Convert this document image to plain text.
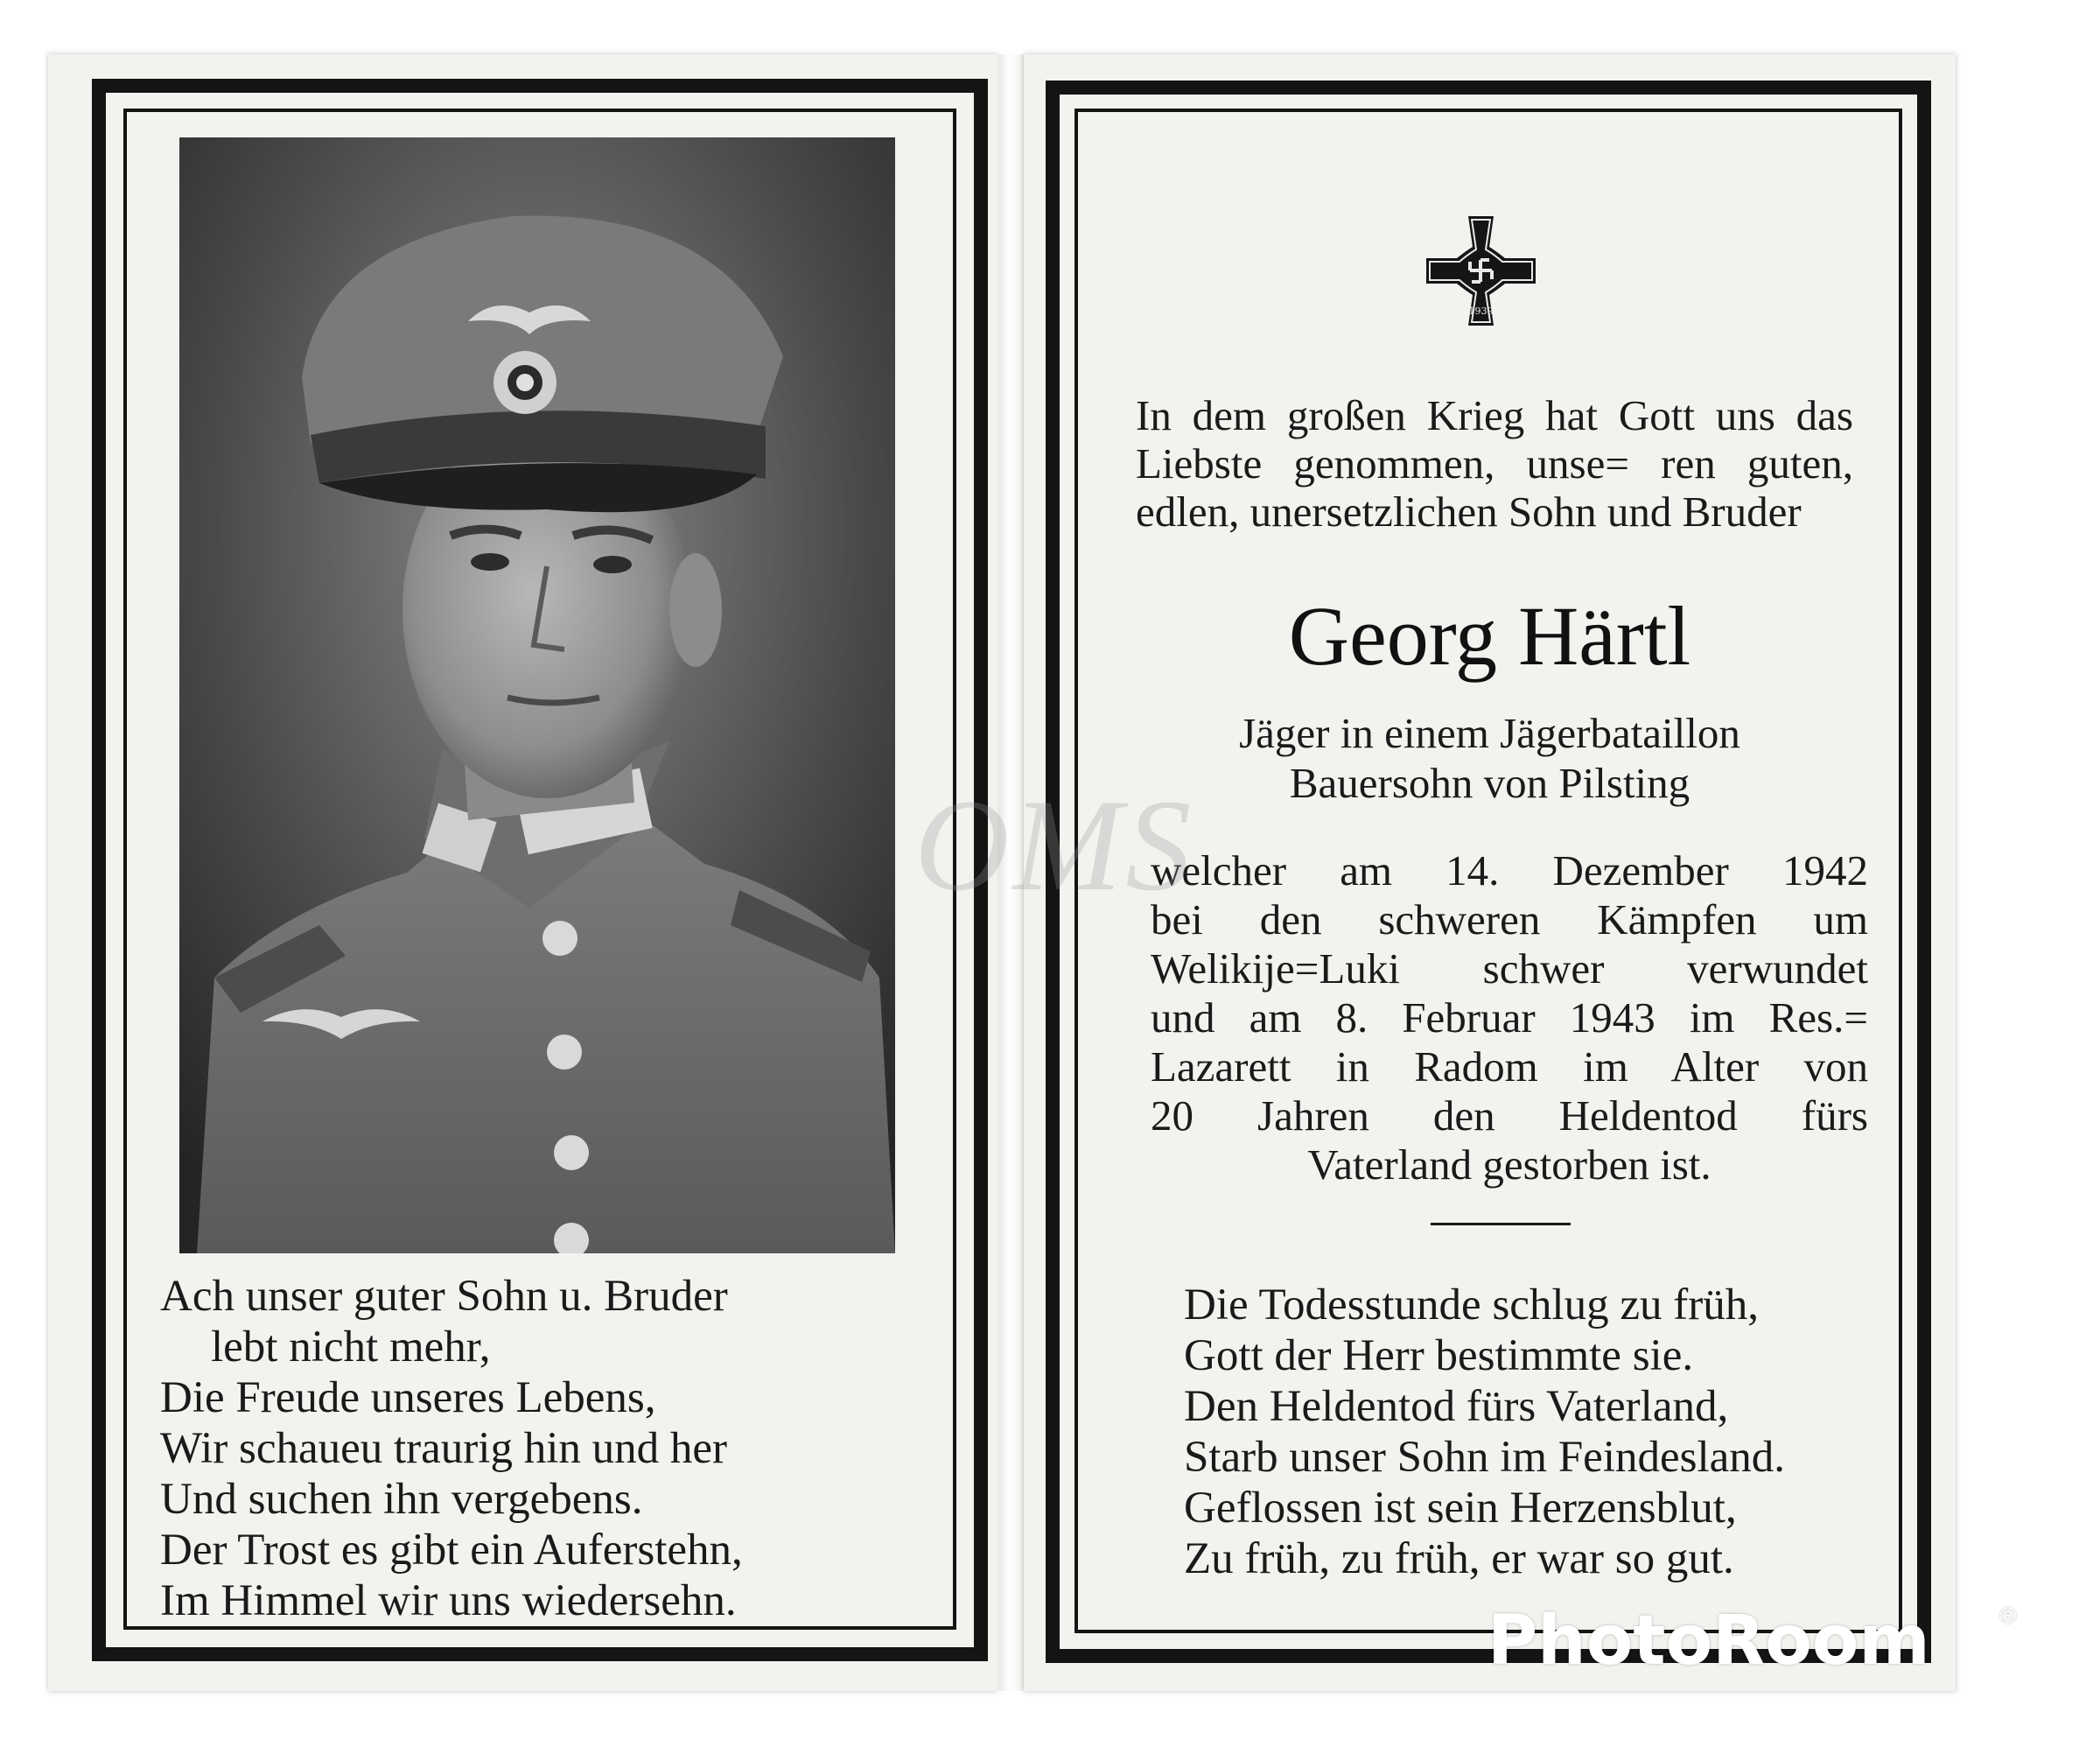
Ach unser guter Sohn u. Bruder
lebt nicht mehr,
Die Freude unseres Lebens,
Wir schaueu traurig hin und her
Und suchen ihn vergebens.
Der Trost es gibt ein Auferstehn,
Im Himmel wir uns wiedersehn.
1939
In dem großen Krieg hat Gott uns das Liebste genommen, unse= ren guten, edlen, unersetzlichen Sohn und Bruder
Georg Härtl
Jäger in einem Jägerbataillon
Bauersohn von Pilsting
welcher am 14. Dezember 1942
bei den schweren Kämpfen um
Welikije=Luki schwer verwundet
und am 8. Februar 1943 im Res.=
Lazarett in Radom im Alter von
20 Jahren den Heldentod fürs
Vaterland gestorben ist.
Die Todesstunde schlug zu früh,
Gott der Herr bestimmte sie.
Den Heldentod fürs Vaterland,
Starb unser Sohn im Feindesland.
Geflossen ist sein Herzensblut,
Zu früh, zu früh, er war so gut.
OMS
PhotoRoom	®
